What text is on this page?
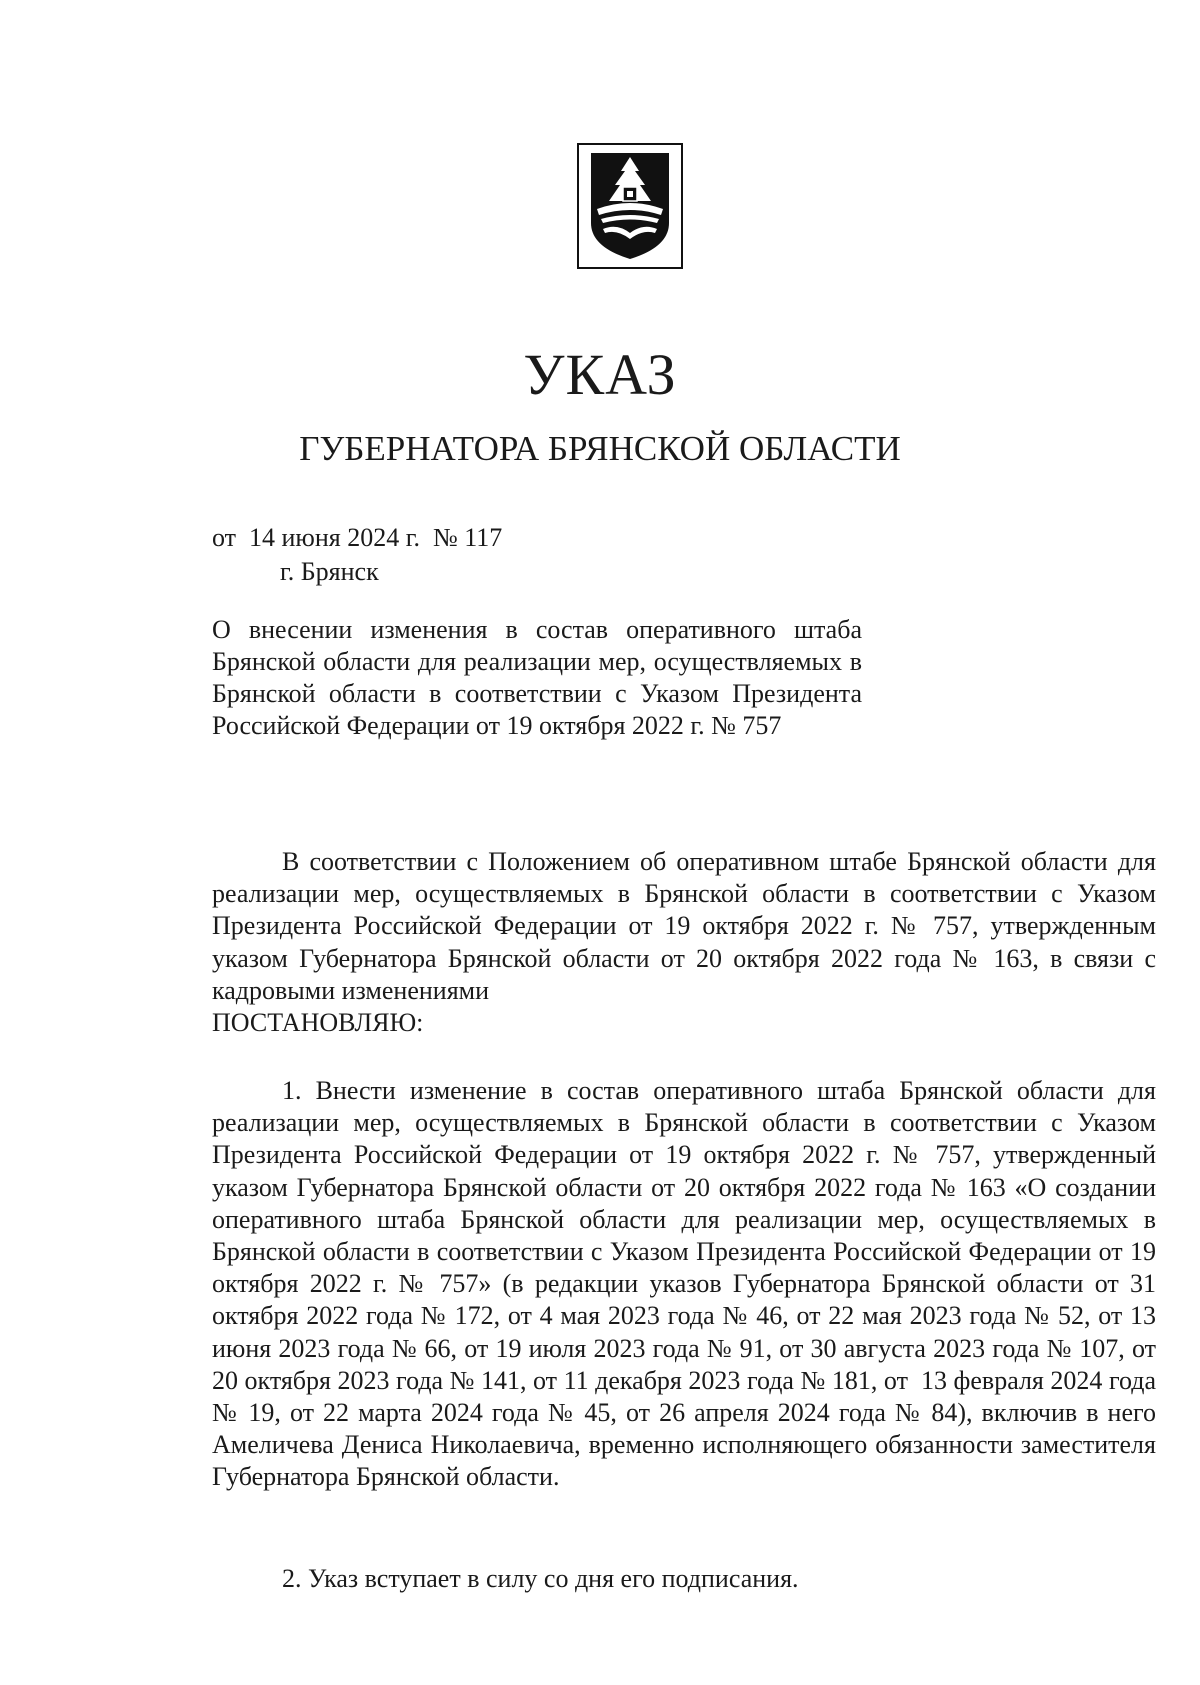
УКАЗ
ГУБЕРНАТОРА БРЯНСКОЙ ОБЛАСТИ
от  14 июня 2024 г.  № 117
г. Брянск
О внесении изменения в состав оперативного штаба Брянской области для реализации мер, осуществляемых в Брянской области в соответствии с Указом Президента Российской Федерации от 19 октября 2022 г. № 757

В соответствии с Положением об оперативном штабе Брянской области для реализации мер, осуществляемых в Брянской области в соответствии с Указом Президента Российской Федерации от 19 октября 2022 г. № 757, утвержденным указом Губернатора Брянской области от 20 октября 2022 года № 163, в связи с кадровыми изменениями

ПОСТАНОВЛЯЮ:

1. Внести изменение в состав оперативного штаба Брянской области для реализации мер, осуществляемых в Брянской области в соответствии с Указом Президента Российской Федерации от 19 октября 2022 г. № 757, утвержденный указом Губернатора Брянской области от 20 октября 2022 года № 163 «О создании оперативного штаба Брянской области для реализации мер, осуществляемых в Брянской области в соответствии с Указом Президента Российской Федерации от 19 октября 2022 г. № 757» (в редакции указов Губернатора Брянской области от 31 октября 2022 года № 172, от 4 мая 2023 года № 46, от 22 мая 2023 года № 52, от 13 июня 2023 года № 66, от 19 июля 2023 года № 91, от 30 августа 2023 года № 107, от 20 октября 2023 года № 141, от 11 декабря 2023 года № 181, от  13 февраля 2024 года № 19, от 22 марта 2024 года № 45, от 26 апреля 2024 года № 84), включив в него Амеличева Дениса Николаевича, временно исполняющего обязанности заместителя Губернатора Брянской области.

2. Указ вступает в силу со дня его подписания.
